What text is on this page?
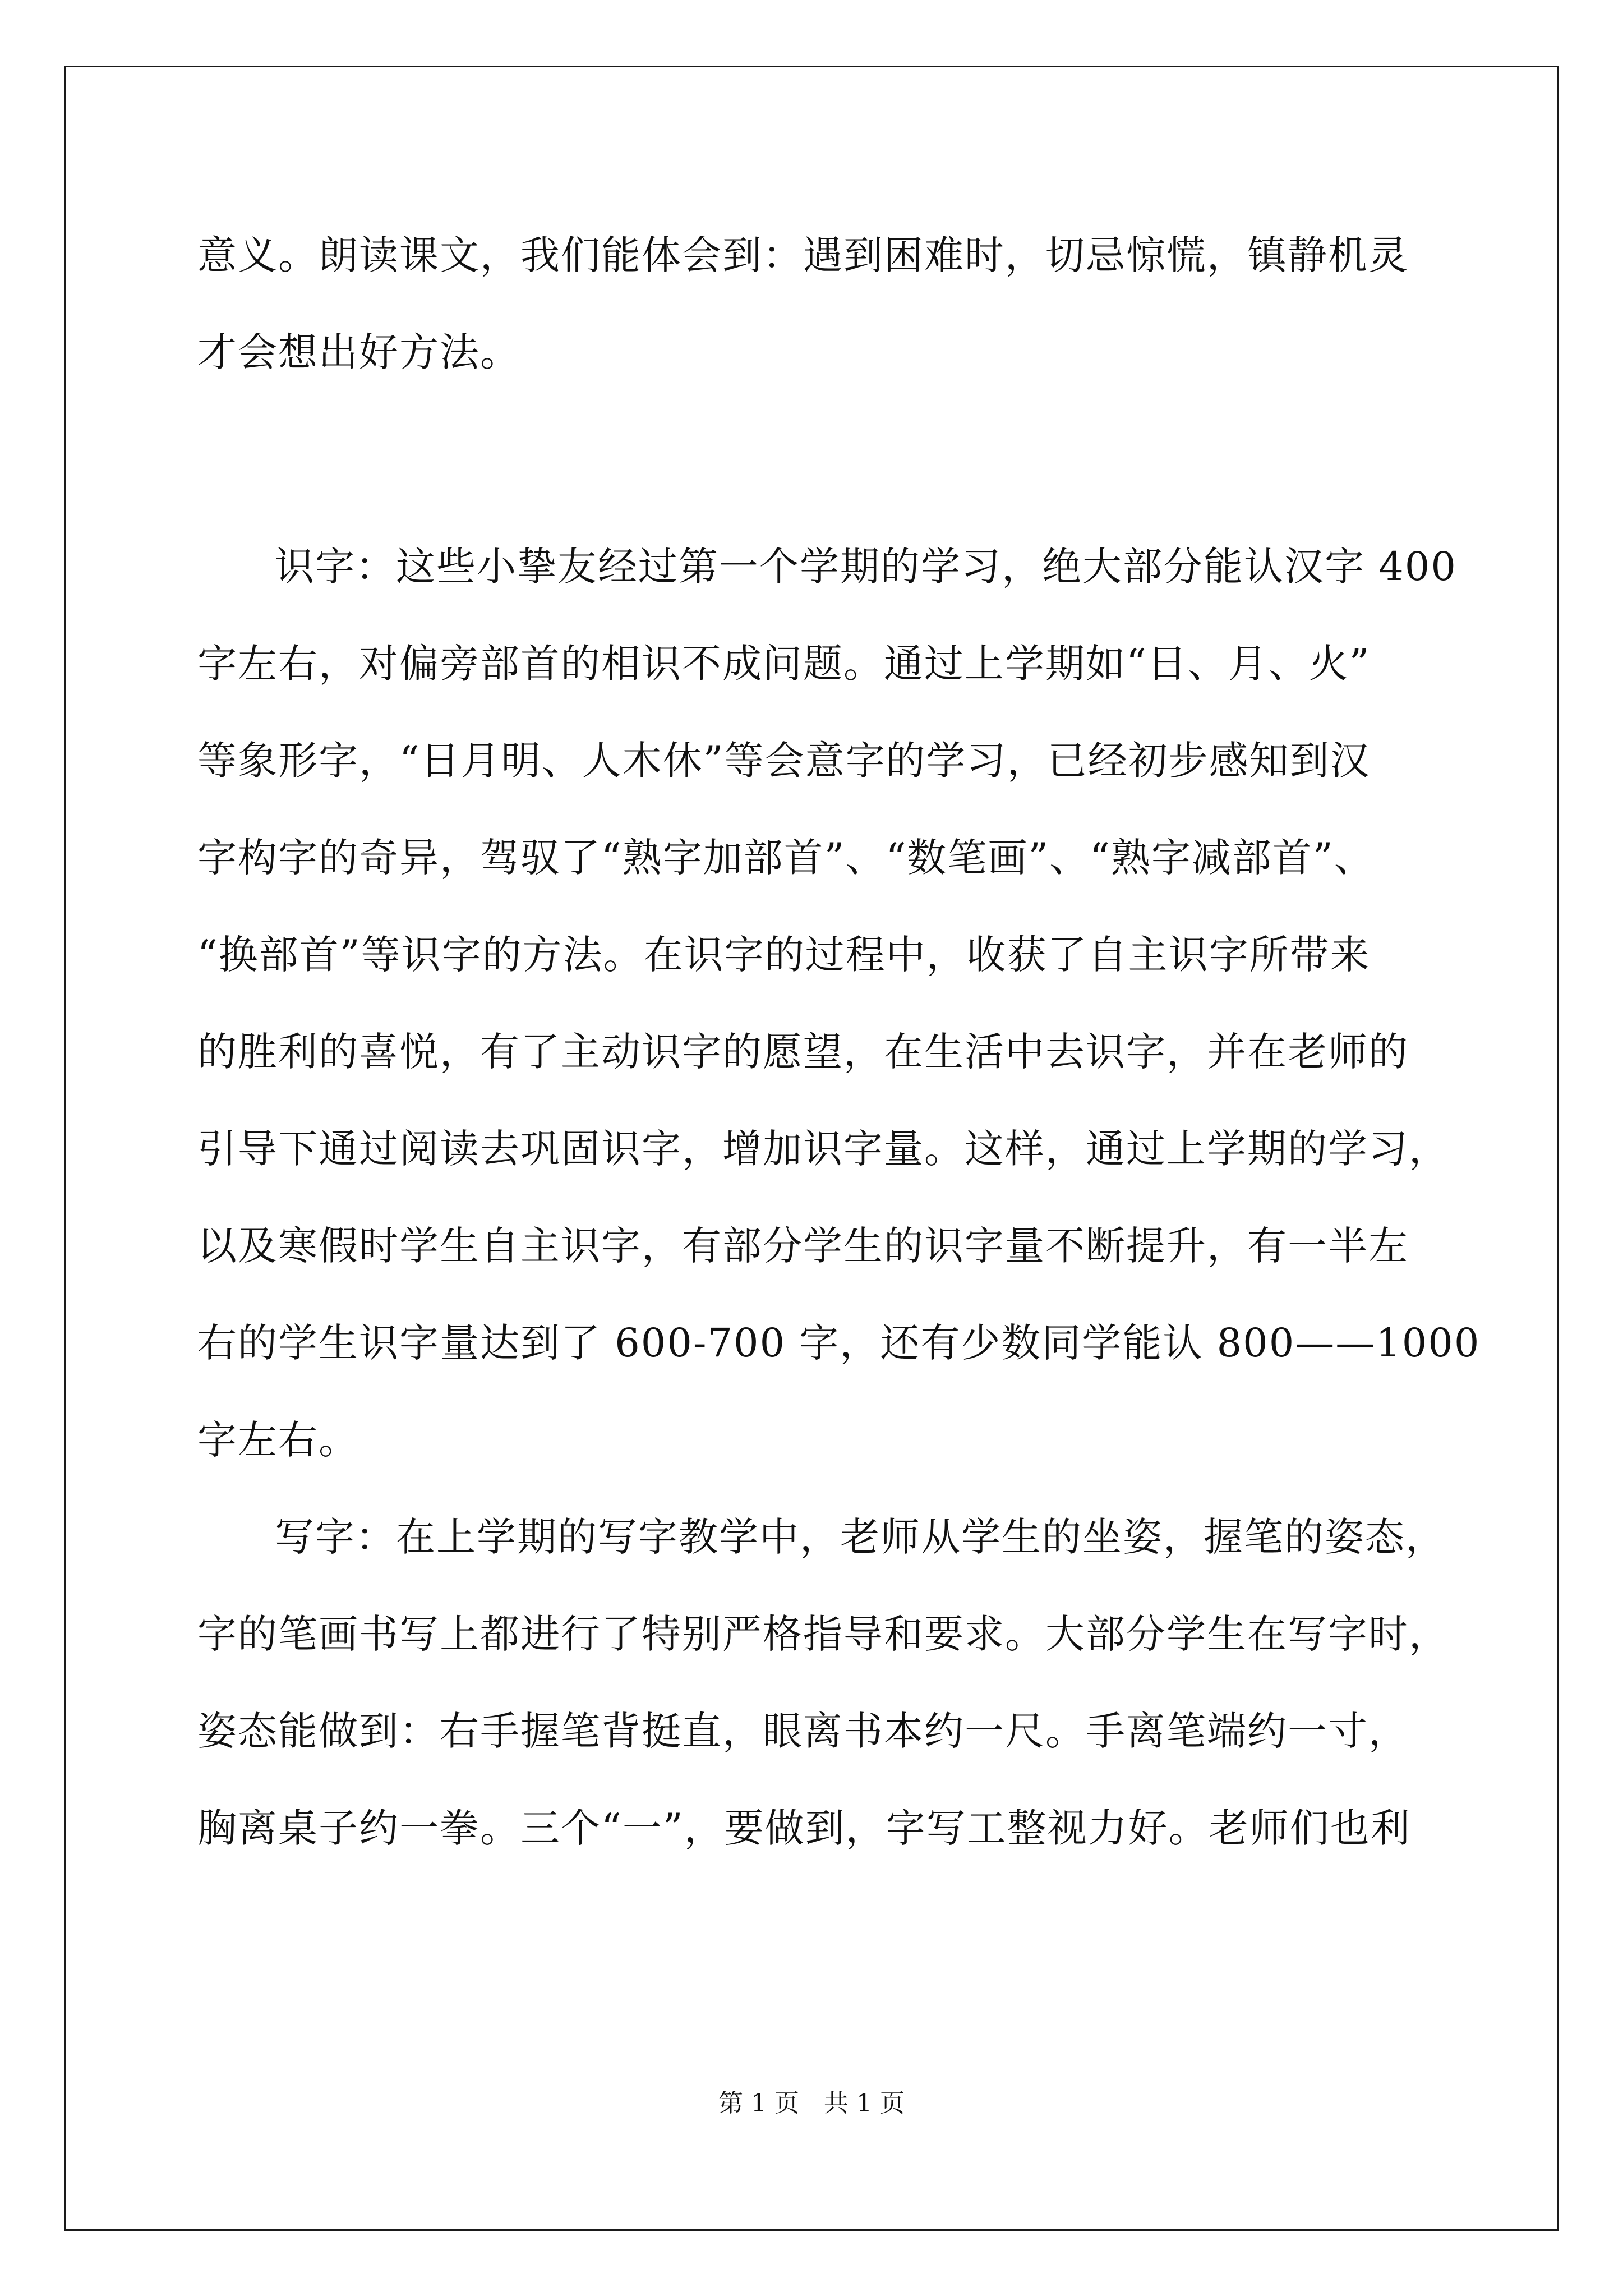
意义。朗读课文，我们能体会到：遇到困难时，切忌惊慌，镇静机灵
才会想出好方法。
识字：这些小挚友经过第一个学期的学习，绝大部分能认汉字 400
字左右，对偏旁部首的相识不成问题。通过上学期如“日、月、火”
等象形字，“日月明、人木休”等会意字的学习，已经初步感知到汉
字构字的奇异，驾驭了“熟字加部首”、“数笔画”、“熟字减部首”、
“换部首”等识字的方法。在识字的过程中，收获了自主识字所带来
的胜利的喜悦，有了主动识字的愿望，在生活中去识字，并在老师的
引导下通过阅读去巩固识字，增加识字量。这样，通过上学期的学习，
以及寒假时学生自主识字，有部分学生的识字量不断提升，有一半左
右的学生识字量达到了 600-700 字，还有少数同学能认 800——1000
字左右。
写字：在上学期的写字教学中，老师从学生的坐姿，握笔的姿态，
字的笔画书写上都进行了特别严格指导和要求。大部分学生在写字时，
姿态能做到：右手握笔背挺直，眼离书本约一尺。手离笔端约一寸，
胸离桌子约一拳。三个“一”，要做到，字写工整视力好。老师们也利
第 1 页　共 1 页
